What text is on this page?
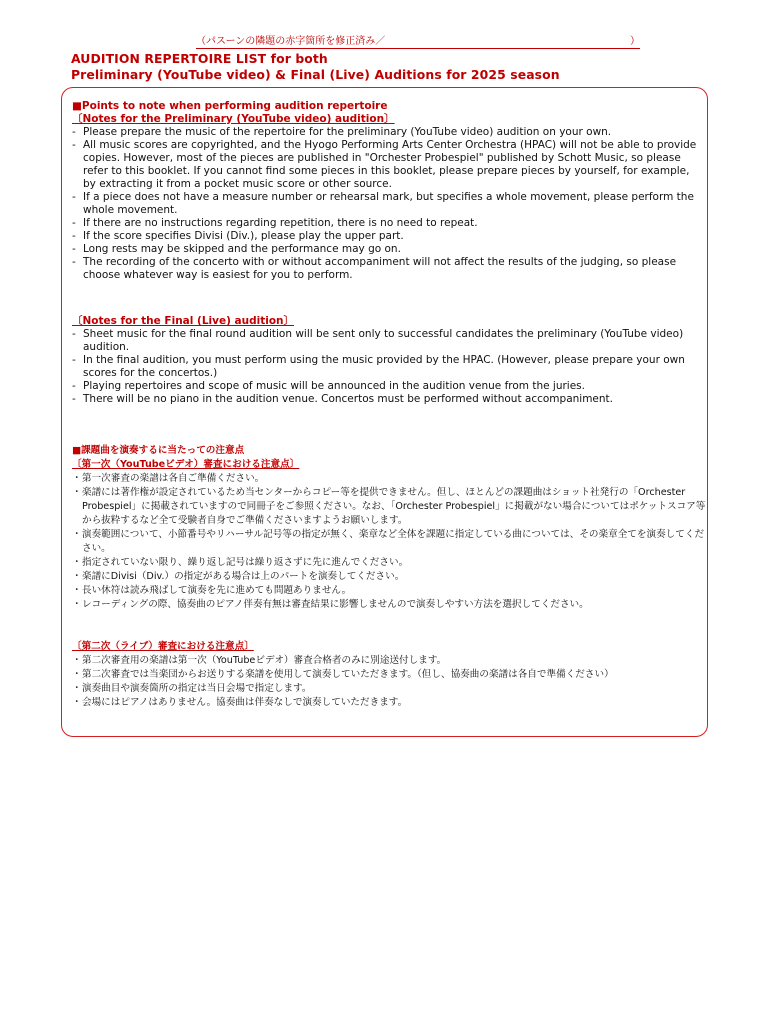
（パスーンの隣題の赤字箇所を修正済み／	）
AUDITION REPERTOIRE LIST for both
Preliminary (YouTube video) & Final (Live) Auditions for 2025 season
■Points to note when performing audition repertoire
〔Notes for the Preliminary (YouTube video) audition〕
- Please prepare the music of the repertoire for the preliminary (YouTube video) audition on your own.
- All music scores are copyrighted, and the Hyogo Performing Arts Center Orchestra (HPAC) will not be able to provide copies. However, most of the pieces are published in "Orchester Probespiel" published by Schott Music, so please refer to this booklet. If you cannot find some pieces in this booklet, please prepare pieces by yourself, for example, by extracting it from a pocket music score or other source.
- If a piece does not have a measure number or rehearsal mark, but specifies a whole movement, please perform the whole movement.
- If there are no instructions regarding repetition, there is no need to repeat.
- If the score specifies Divisi (Div.), please play the upper part.
- Long rests may be skipped and the performance may go on.
- The recording of the concerto with or without accompaniment will not affect the results of the judging, so please choose whatever way is easiest for you to perform.
〔Notes for the Final (Live) audition〕
- Sheet music for the final round audition will be sent only to successful candidates the preliminary (YouTube video) audition.
- In the final audition, you must perform using the music provided by the HPAC. (However, please prepare your own scores for the concertos.)
- Playing repertoires and scope of music will be announced in the audition venue from the juries.
- There will be no piano in the audition venue. Concertos must be performed without accompaniment.
■課題曲を演奏するに当たっての注意点
〔第一次（YouTubeビデオ）審査における注意点〕
・ 第一次審査の楽譜は各自ご準備ください。
・ 楽譜には著作権が設定されているため当センターからコピー等を提供できません。但し、ほとんどの課題曲はショット社発行の「Orchester Probespiel」に掲載されていますので同冊子をご参照ください。なお、「Orchester Probespiel」に掲載がない場合についてはポケットスコア等から抜粋するなど全て受験者自身でご準備くださいますようお願いします。
・ 演奏範囲について、小節番号やリハーサル記号等の指定が無く、楽章など全体を課題に指定している曲については、その楽章全てを演奏してください。
・ 指定されていない限り、繰り返し記号は繰り返さずに先に進んでください。
・ 楽譜にDivisi（Div.）の指定がある場合は上のパートを演奏してください。
・ 長い休符は読み飛ばして演奏を先に進めても問題ありません。
・ レコーディングの際、協奏曲のピアノ伴奏有無は審査結果に影響しませんので演奏しやすい方法を選択してください。
〔第二次（ライブ）審査における注意点〕
・ 第二次審査用の楽譜は第一次（YouTubeビデオ）審査合格者のみに別途送付します。
・ 第二次審査では当楽団からお送りする楽譜を使用して演奏していただきます。（但し、協奏曲の楽譜は各自で準備ください）
・ 演奏曲目や演奏箇所の指定は当日会場で指定します。
・ 会場にはピアノはありません。協奏曲は伴奏なしで演奏していただきます。
